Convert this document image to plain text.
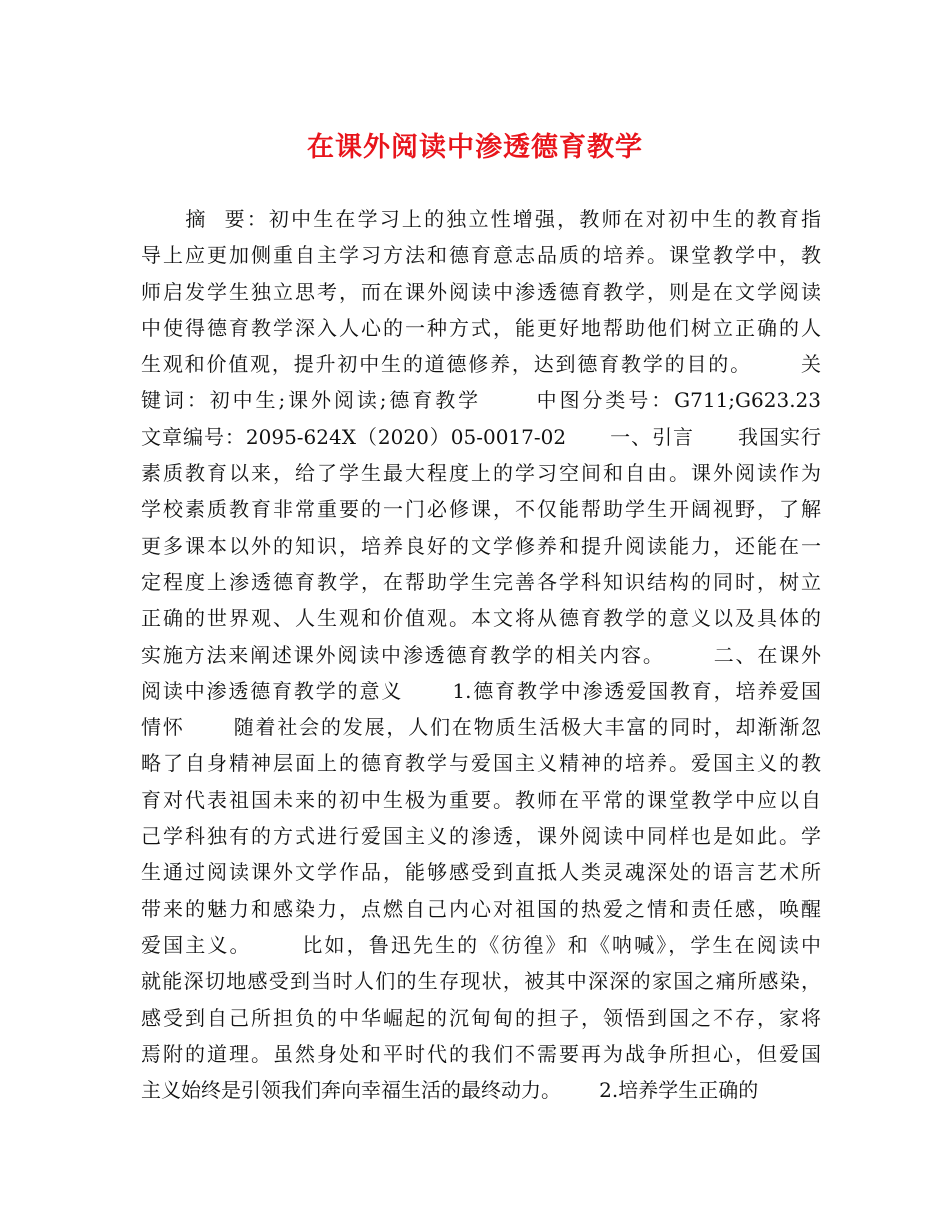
在课外阅读中渗透德育教学
　　摘  要：初中生在学习上的独立性增强，教师在对初中生的教育指
导上应更加侧重自主学习方法和德育意志品质的培养。课堂教学中，教
师启发学生独立思考，而在课外阅读中渗透德育教学，则是在文学阅读
中使得德育教学深入人心的一种方式，能更好地帮助他们树立正确的人
生观和价值观，提升初中生的道德修养，达到德育教学的目的。      关
键词：初中生;课外阅读;德育教学      中图分类号：G711;G623.23
文章编号：2095-624X（2020）05-0017-02      一、引言      我国实行
素质教育以来，给了学生最大程度上的学习空间和自由。课外阅读作为
学校素质教育非常重要的一门必修课，不仅能帮助学生开阔视野，了解
更多课本以外的知识，培养良好的文学修养和提升阅读能力，还能在一
定程度上渗透德育教学，在帮助学生完善各学科知识结构的同时，树立
正确的世界观、人生观和价值观。本文将从德育教学的意义以及具体的
实施方法来阐述课外阅读中渗透德育教学的相关内容。      二、在课外
阅读中渗透德育教学的意义      1.德育教学中渗透爱国教育，培养爱国
情怀      随着社会的发展，人们在物质生活极大丰富的同时，却渐渐忽
略了自身精神层面上的德育教学与爱国主义精神的培养。爱国主义的教
育对代表祖国未来的初中生极为重要。教师在平常的课堂教学中应以自
己学科独有的方式进行爱国主义的渗透，课外阅读中同样也是如此。学
生通过阅读课外文学作品，能够感受到直抵人类灵魂深处的语言艺术所
带来的魅力和感染力，点燃自己内心对祖国的热爱之情和责任感，唤醒
爱国主义。      比如，鲁迅先生的《彷徨》和《呐喊》，学生在阅读中
就能深切地感受到当时人们的生存现状，被其中深深的家国之痛所感染，
感受到自己所担负的中华崛起的沉甸甸的担子，领悟到国之不存，家将
焉附的道理。虽然身处和平时代的我们不需要再为战争所担心，但爱国
主义始终是引领我们奔向幸福生活的最终动力。      2.培养学生正确的
